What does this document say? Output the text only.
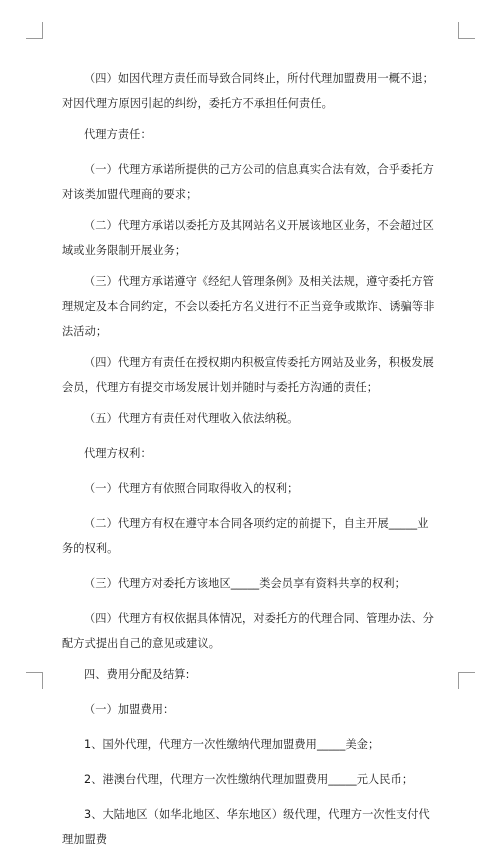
（四）如因代理方责任而导致合同终止，所付代理加盟费用一概不退；对因代理方原因引起的纠纷，委托方不承担任何责任。

代理方责任：

（一）代理方承诺所提供的己方公司的信息真实合法有效，合乎委托方对该类加盟代理商的要求；

（二）代理方承诺以委托方及其网站名义开展该地区业务，不会超过区域或业务限制开展业务；

（三）代理方承诺遵守《经纪人管理条例》及相关法规，遵守委托方管理规定及本合同约定，不会以委托方名义进行不正当竞争或欺诈、诱骗等非法活动；

（四）代理方有责任在授权期内积极宣传委托方网站及业务，积极发展会员，代理方有提交市场发展计划并随时与委托方沟通的责任；

（五）代理方有责任对代理收入依法纳税。

代理方权利：

（一）代理方有依照合同取得收入的权利；

（二）代理方有权在遵守本合同各项约定的前提下，自主开展_____业务的权利。

（三）代理方对委托方该地区_____类会员享有资料共享的权利；

（四）代理方有权依据具体情况，对委托方的代理合同、管理办法、分配方式提出自己的意见或建议。

四、费用分配及结算:

（一）加盟费用：

1、国外代理，代理方一次性缴纳代理加盟费用_____美金；

2、港澳台代理，代理方一次性缴纳代理加盟费用_____元人民币；

3、大陆地区（如华北地区、华东地区）级代理，代理方一次性支付代理加盟费
